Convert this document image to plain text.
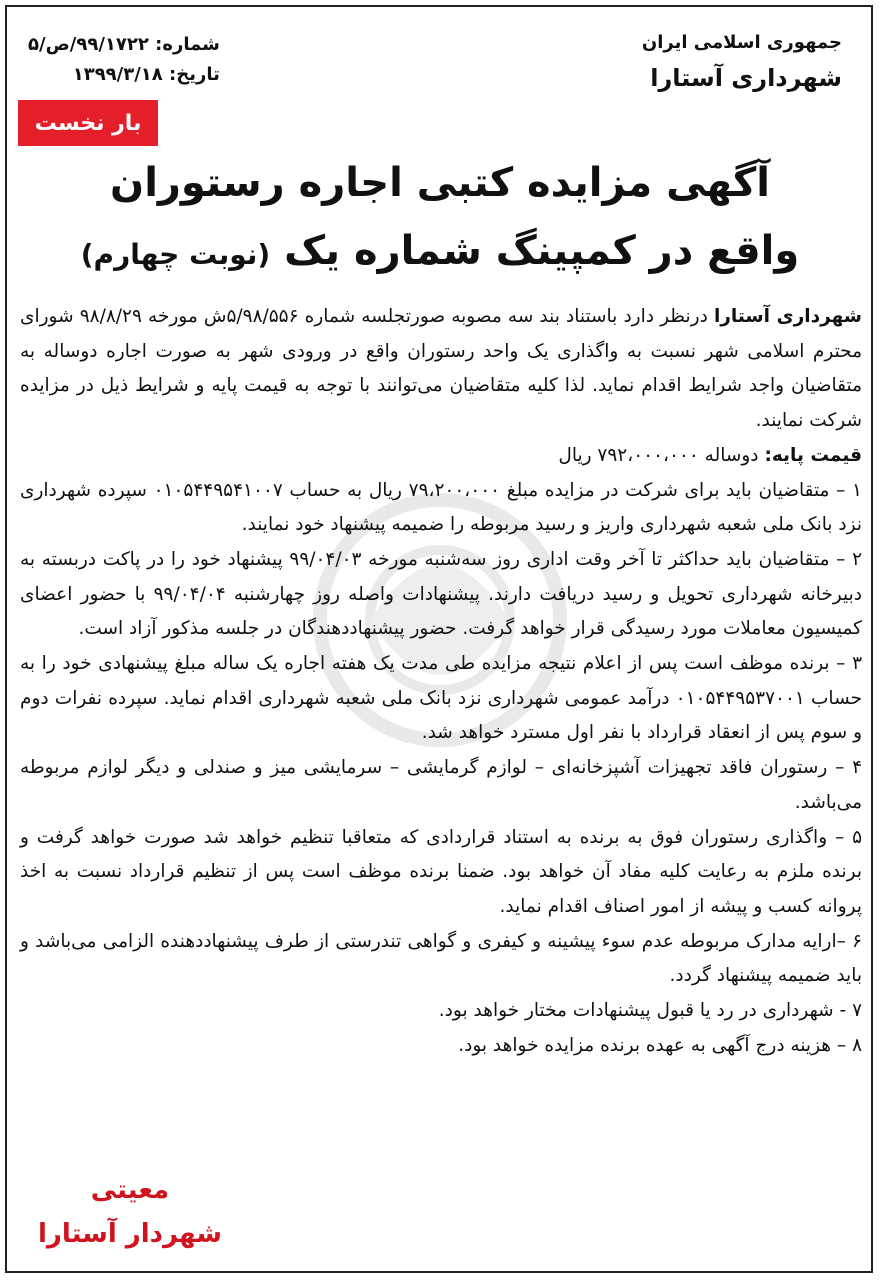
جمهوری اسلامی ایران
شهرداری آستارا
شماره: ۹۹/۱۷۲۲/ص/۵
تاریخ: ۱۳۹۹/۳/۱۸
بار نخست
آگهی مزایده کتبی اجاره رستوران
واقع در کمپینگ شماره یک (نوبت چهارم)

شهرداری آستارا درنظر دارد باستناد بند سه مصوبه صورتجلسه شماره ۵/۹۸/۵۵۶ش مورخه ۹۸/۸/۲۹ شورای محترم اسلامی شهر نسبت به واگذاری یک واحد رستوران واقع در ورودی شهر به صورت اجاره دوساله به متقاضیان واجد شرایط اقدام نماید. لذا کلیه متقاضیان می‌توانند با توجه به قیمت پایه و شرایط ذیل در مزایده شرکت نمایند.

قیمت پایه: دوساله ۷۹۲،۰۰۰،۰۰۰ ریال

۱ – متقاضیان باید برای شرکت در مزایده مبلغ ۷۹،۲۰۰،۰۰۰ ریال به حساب ۰۱۰۵۴۴۹۵۴۱۰۰۷ سپرده شهرداری نزد بانک ملی شعبه شهرداری واریز و رسید مربوطه را ضمیمه پیشنهاد خود نمایند.

۲ – متقاضیان باید حداکثر تا آخر وقت اداری روز سه‌شنبه مورخه ۹۹/۰۴/۰۳ پیشنهاد خود را در پاکت دربسته به دبیرخانه شهرداری تحویل و رسید دریافت دارند. پیشنهادات واصله روز چهارشنبه ۹۹/۰۴/۰۴ با حضور اعضای کمیسیون معاملات مورد رسیدگی قرار خواهد گرفت. حضور پیشنهاددهندگان در جلسه مذکور آزاد است.

۳ – برنده موظف است پس از اعلام نتیجه مزایده طی مدت یک هفته اجاره یک ساله مبلغ پیشنهادی خود را به حساب ۰۱۰۵۴۴۹۵۳۷۰۰۱ درآمد عمومی شهرداری نزد بانک ملی شعبه شهرداری اقدام نماید. سپرده نفرات دوم و سوم پس از انعقاد قرارداد با نفر اول مسترد خواهد شد.

۴ – رستوران فاقد تجهیزات آشپزخانه‌ای – لوازم گرمایشی – سرمایشی میز و صندلی و دیگر لوازم مربوطه می‌باشد.

۵ – واگذاری رستوران فوق به برنده به استناد قراردادی که متعاقبا تنظیم خواهد شد صورت خواهد گرفت و برنده ملزم به رعایت کلیه مفاد آن خواهد بود. ضمنا برنده موظف است پس از تنظیم قرارداد نسبت به اخذ پروانه کسب و پیشه از امور اصناف اقدام نماید.

۶ –ارایه مدارک مربوطه عدم سوء پیشینه و کیفری و گواهی تندرستی از طرف پیشنهاددهنده الزامی می‌باشد و باید ضمیمه پیشنهاد گردد.

۷ - شهرداری در رد یا قبول پیشنهادات مختار خواهد بود.

۸ – هزینه درج آگهی به عهده برنده مزایده خواهد بود.

معیتی
شهردار آستارا
